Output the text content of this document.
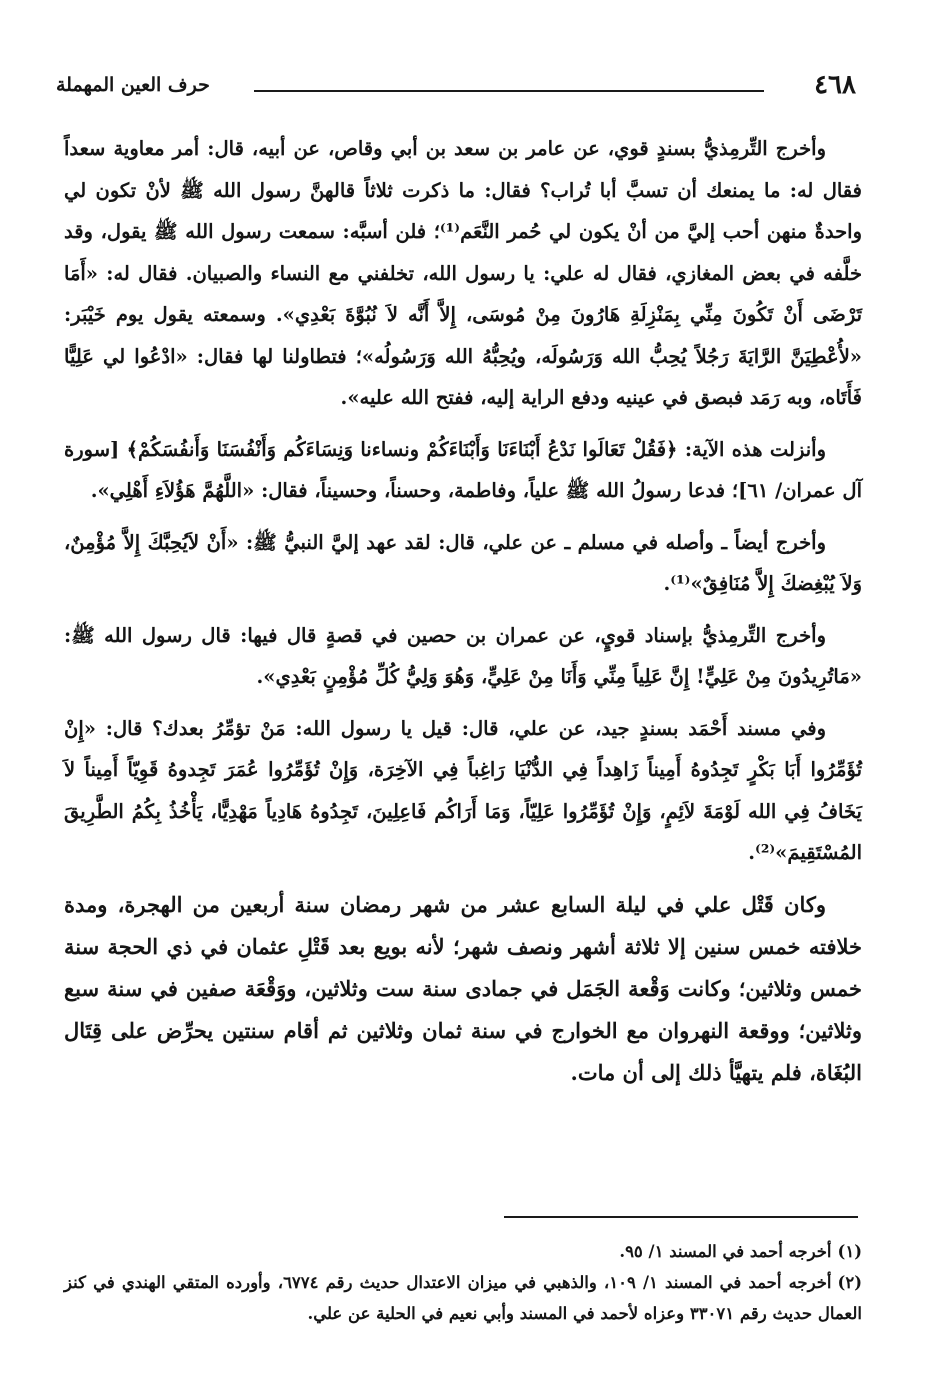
٤٦٨
حرف العين المهملة

وأخرج التِّرمِذيُّ بسندٍ قوي، عن عامر بن سعد بن أبي وقاص، عن أبيه، قال: أمر معاوية سعداً فقال له: ما يمنعك أن تسبَّ أبا تُراب؟ فقال: ما ذكرت ثلاثاً قالهنَّ رسول الله ﷺ لأنْ تكون لي واحدةٌ منهن أحب إليَّ من أنْ يكون لي حُمر النَّعَم⁽¹⁾؛ فلن أسبَّه: سمعت رسول الله ﷺ يقول، وقد خلَّفه في بعض المغازي، فقال له علي: يا رسول الله، تخلفني مع النساء والصبيان. فقال له: «أَمَا تَرْضَى أَنْ تَكُونَ مِنِّي بِمَنْزِلَةِ هَارُونَ مِنْ مُوسَى، إِلاَّ أَنَّه لاَ نُبُوَّةَ بَعْدِي». وسمعته يقول يوم خَيْبَر: «لأُعْطِيَنَّ الرَّايَةَ رَجُلاً يُحِبُّ الله وَرَسُولَه، ويُحِبُّهُ الله وَرَسُولُه»؛ فتطاولنا لها فقال: «ادْعُوا لي عَلِيًّا فَأَتَاه، وبه رَمَد فبصق في عينيه ودفع الراية إليه، ففتح الله عليه».

وأنزلت هذه الآية: ﴿فَقُلْ تَعَالَوا نَدْعُ أَبْنَاءَنَا وَأَبْنَاءَكُمْ ونساءنا وَنِسَاءَكُم وَأَنْفُسَنَا وَأَنفُسَكُمْ﴾ [سورة آل عمران/ ٦١]؛ فدعا رسولُ الله ﷺ علياً، وفاطمة، وحسناً، وحسيناً، فقال: «اللَّهُمَّ هَؤُلاَءِ أَهْلِي».

وأخرج أيضاً ـ وأصله في مسلم ـ عن علي، قال: لقد عهد إليَّ النبيُّ ﷺ: «أَنْ لاَيُحِبَّكَ إِلاَّ مُؤْمِنٌ، وَلاَ يُبْغِضكَ إِلاَّ مُنَافِقٌ»⁽¹⁾.

وأخرج التِّرمِذيُّ بإسناد قويٍ، عن عمران بن حصين في قصةٍ قال فيها: قال رسول الله ﷺ: «مَاتُرِيدُونَ مِنْ عَلِيٍّ! إِنَّ عَلِياً مِنِّي وَأَنَا مِنْ عَلِيٍّ، وَهُوَ وَلِيُّ كُلِّ مُؤْمِنٍ بَعْدِي».

وفي مسند أَحْمَد بسندٍ جيد، عن علي، قال: قيل يا رسول الله: مَنْ تؤمِّرُ بعدك؟ قال: «إِنْ تُؤَمِّرُوا أَبَا بَكْرٍ تَجِدُوهُ أَمِيناً زَاهِداً فِي الدُّنْيَا رَاغِباً فِي الآخِرَة، وَإِنْ تُؤَمِّرُوا عُمَرَ تَجِدوهُ قَوِيّاً أَمِيناً لاَ يَخَافُ فِي الله لَوْمَةَ لاَئِمٍ، وَإِنْ تُؤَمِّرُوا عَلِيّاً، وَمَا أَرَاكُم فَاعِلِينَ، تَجِدُوهُ هَادِياً مَهْدِيًّا، يَأْخُذُ بِكُمُ الطَّرِيقَ المُسْتَقِيمَ»⁽²⁾.

وكان قَتْل علي في ليلة السابع عشر من شهر رمضان سنة أربعين من الهجرة، ومدة خلافته خمس سنين إلا ثلاثة أشهر ونصف شهر؛ لأنه بويع بعد قَتْلِ عثمان في ذي الحجة سنة خمس وثلاثين؛ وكانت وَقْعة الجَمَل في جمادى سنة ست وثلاثين، ووَقْعَة صفين في سنة سبع وثلاثين؛ ووقعة النهروان مع الخوارج في سنة ثمان وثلاثين ثم أقام سنتين يحرِّض على قِتَال البُغَاة، فلم يتهيَّأ ذلك إلى أن مات.

(١)أخرجه أحمد في المسند ١/ ٩٥.

(٢)أخرجه أحمد في المسند ١/ ١٠٩، والذهبي في ميزان الاعتدال حديث رقم ٦٧٧٤، وأورده المتقي الهندي في كنز العمال حديث رقم ٣٣٠٧١ وعزاه لأحمد في المسند وأبي نعيم في الحلية عن علي.
